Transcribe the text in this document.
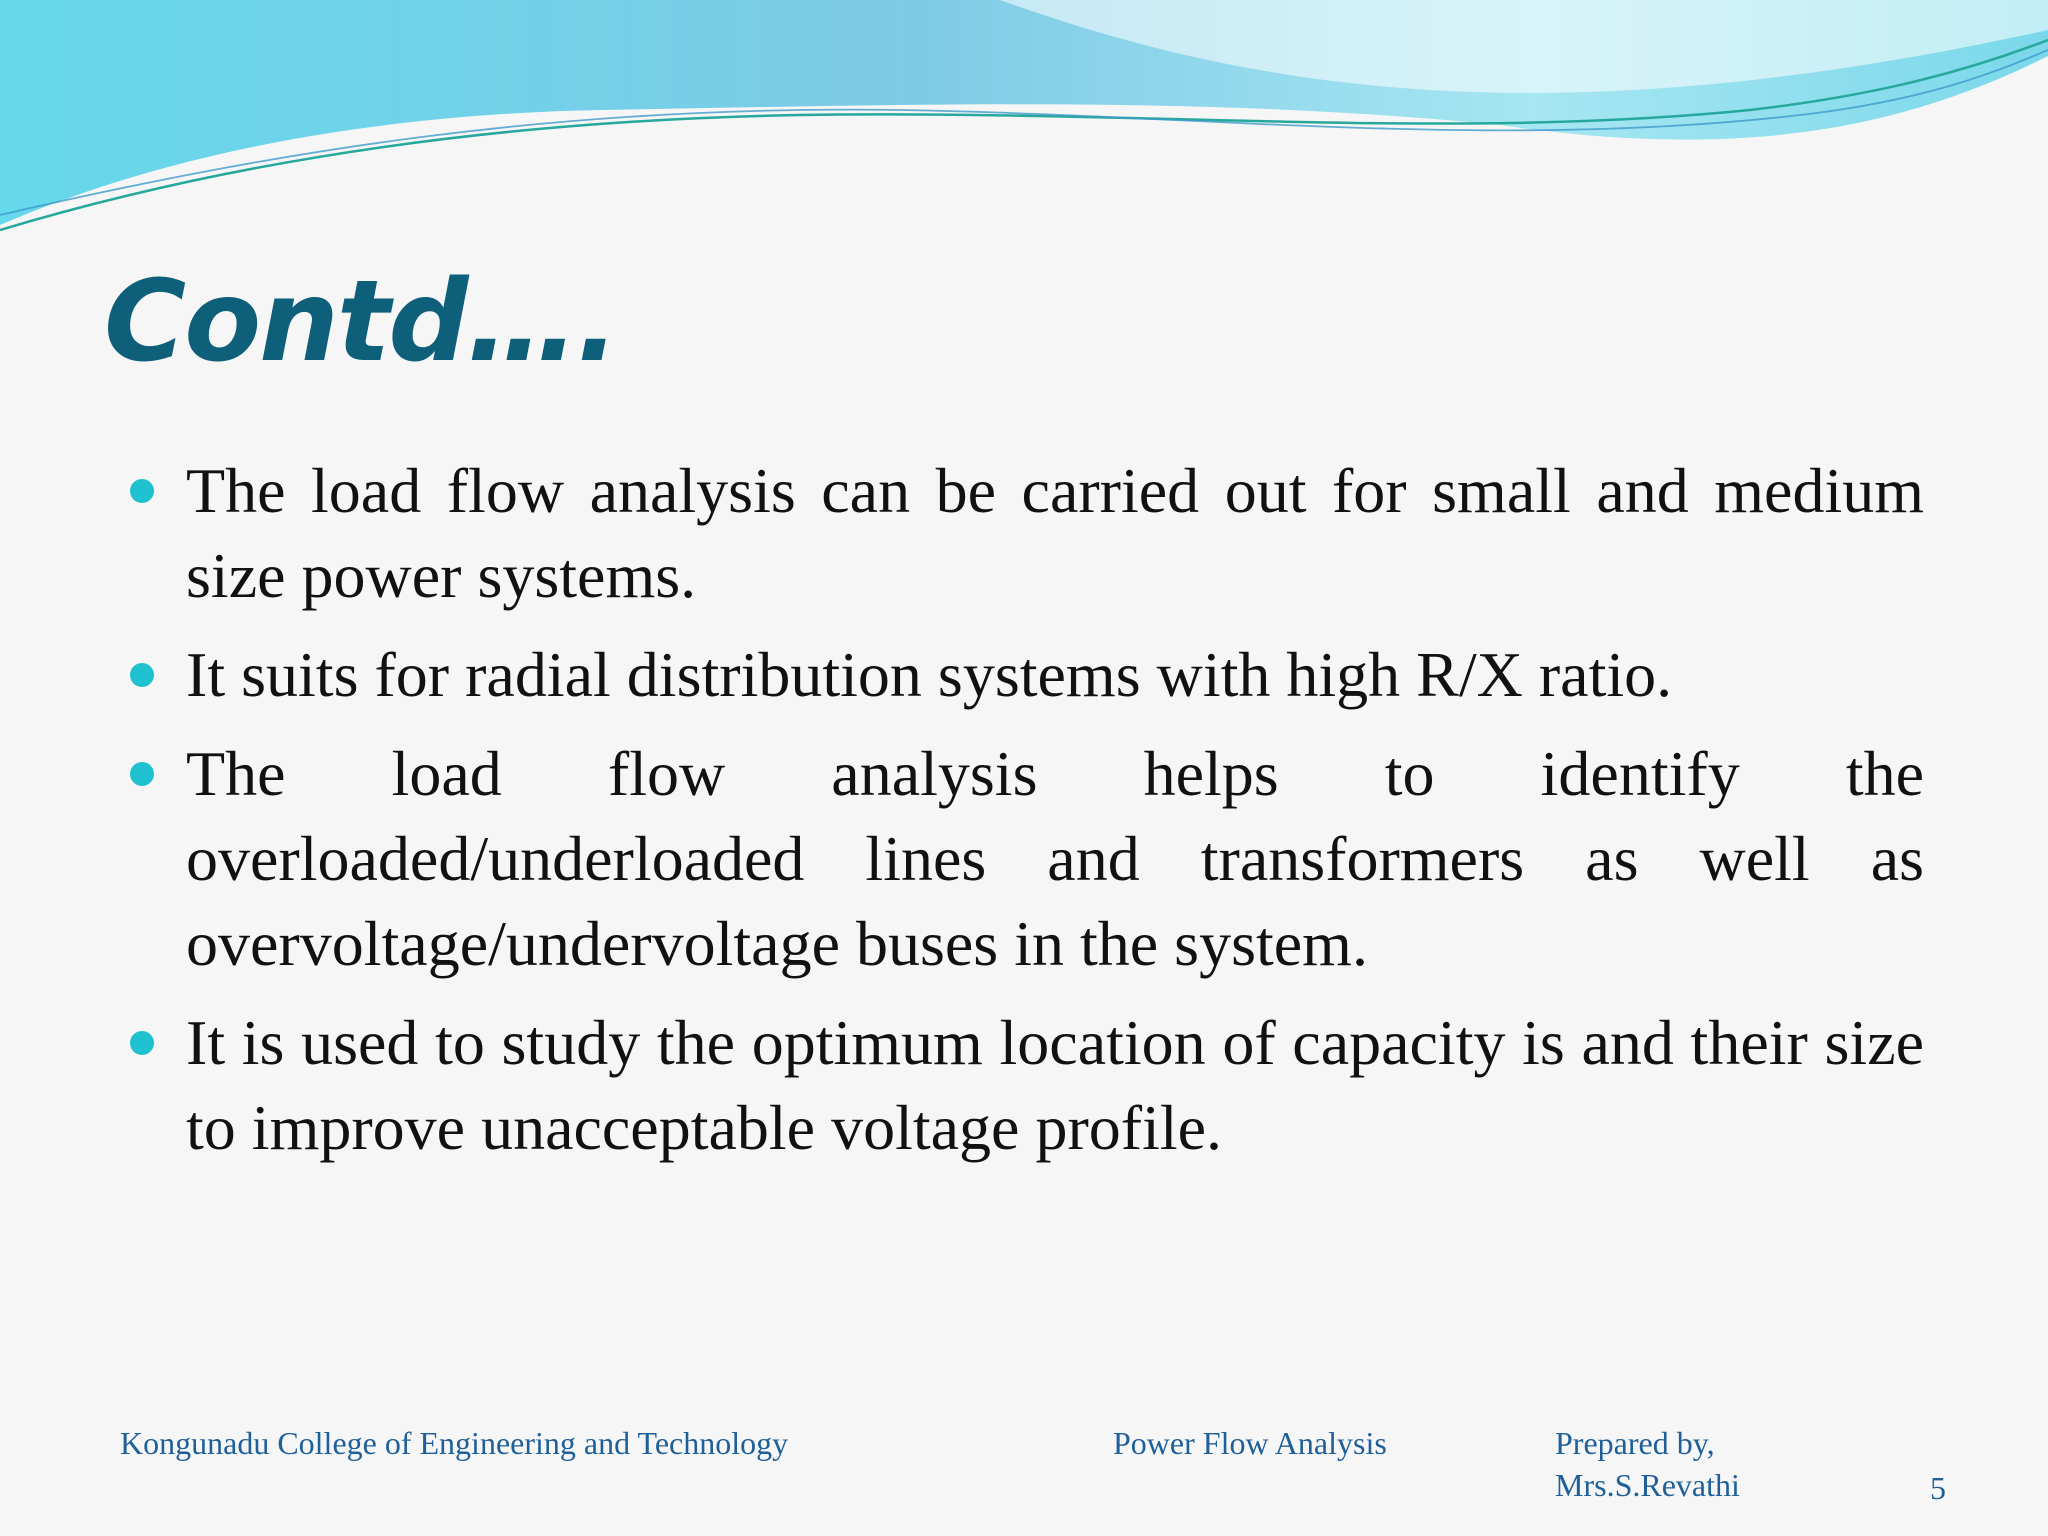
Contd….
The load flow analysis can be carried out for small and medium size power systems.
It suits for radial distribution systems with high R/X ratio.
The load flow analysis helps to identify the overloaded/underloaded lines and transformers as well as overvoltage/undervoltage buses in the system.
It is used to study the optimum location of capacity is and their size to improve unacceptable voltage profile.
Kongunadu College of Engineering and Technology	Power Flow Analysis	Prepared by,
Mrs.S.Revathi	5
